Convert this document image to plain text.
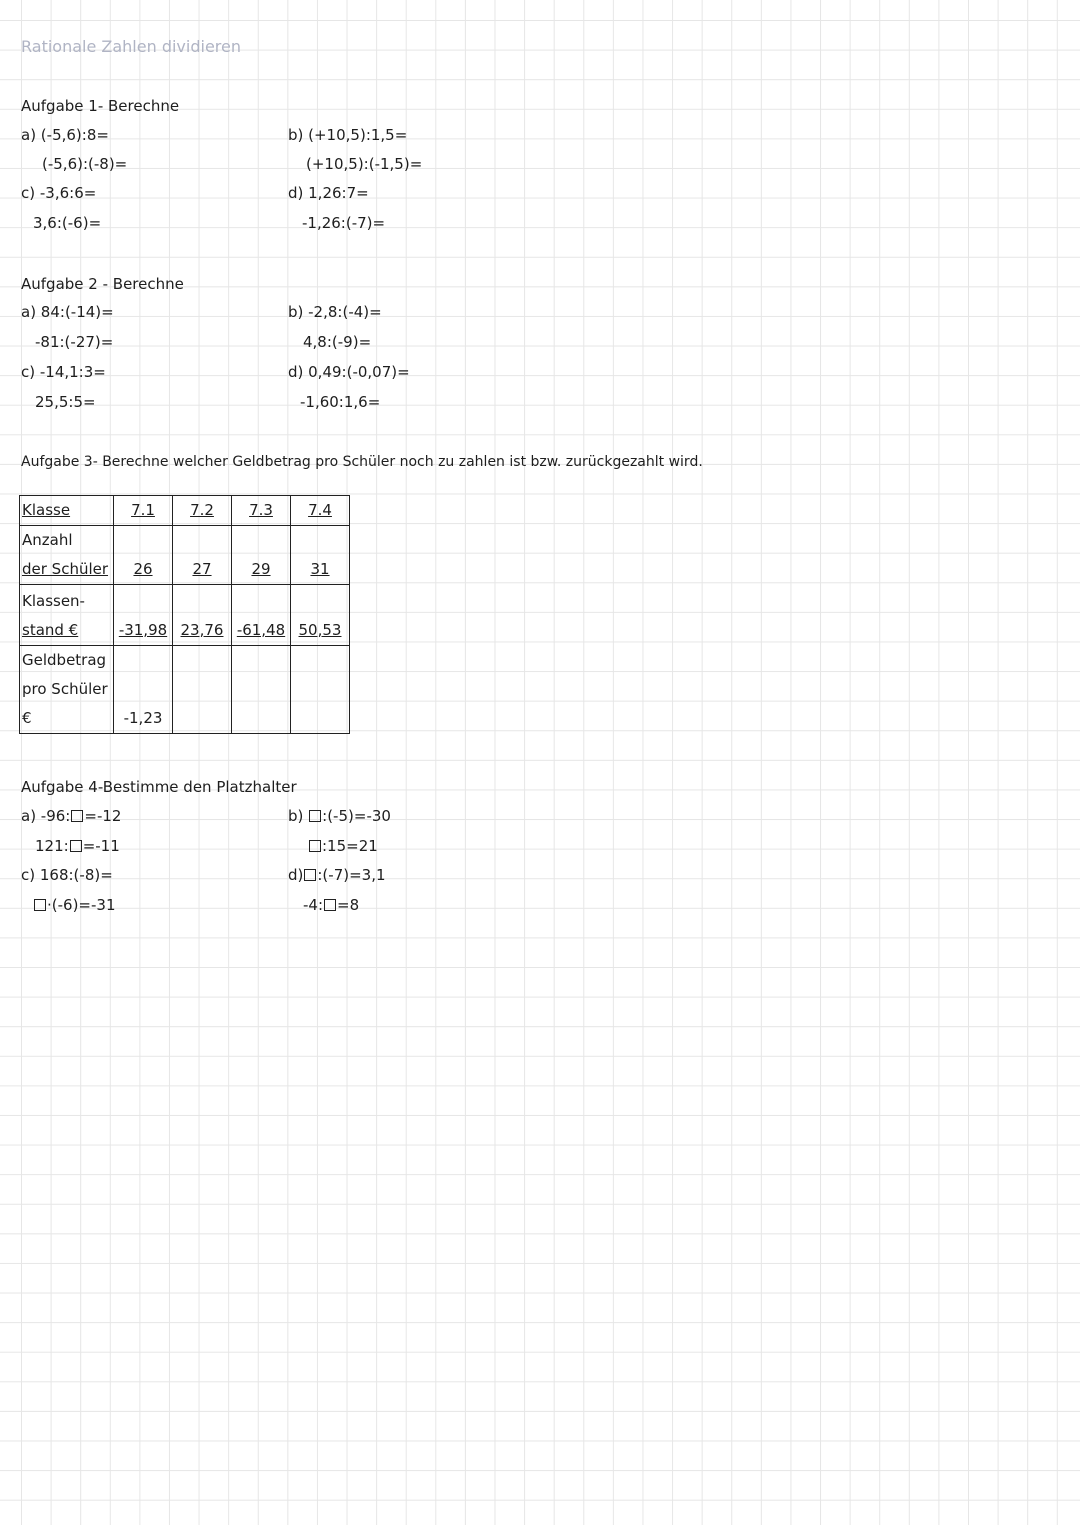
Rationale Zahlen dividieren
Aufgabe 1- Berechne
a) (-5,6):8=
(-5,6):(-8)=
c) -3,6:6=
3,6:(-6)=
b) (+10,5):1,5=
(+10,5):(-1,5)=
d) 1,26:7=
-1,26:(-7)=
Aufgabe 2 - Berechne
a) 84:(-14)=
-81:(-27)=
c) -14,1:3=
25,5:5=
b) -2,8:(-4)=
4,8:(-9)=
d) 0,49:(-0,07)=
-1,60:1,6=
Aufgabe 3- Berechne welcher Geldbetrag pro Schüler noch zu zahlen ist bzw. zurückgezahlt wird.
Klasse	7.1	7.2	7.3	7.4

Anzahl
der Schüler	26	27	29	31

Klassen-
stand €	-31,98	23,76	-61,48	50,53

Geldbetrag
pro Schüler
€	-1,23			

Aufgabe 4-Bestimme den Platzhalter
a) -96: =-12
121: =-11
c) 168:(-8)=
·(-6)=-31
b) :(-5)=-30
:15=21
d) :(-7)=3,1
-4: =8
